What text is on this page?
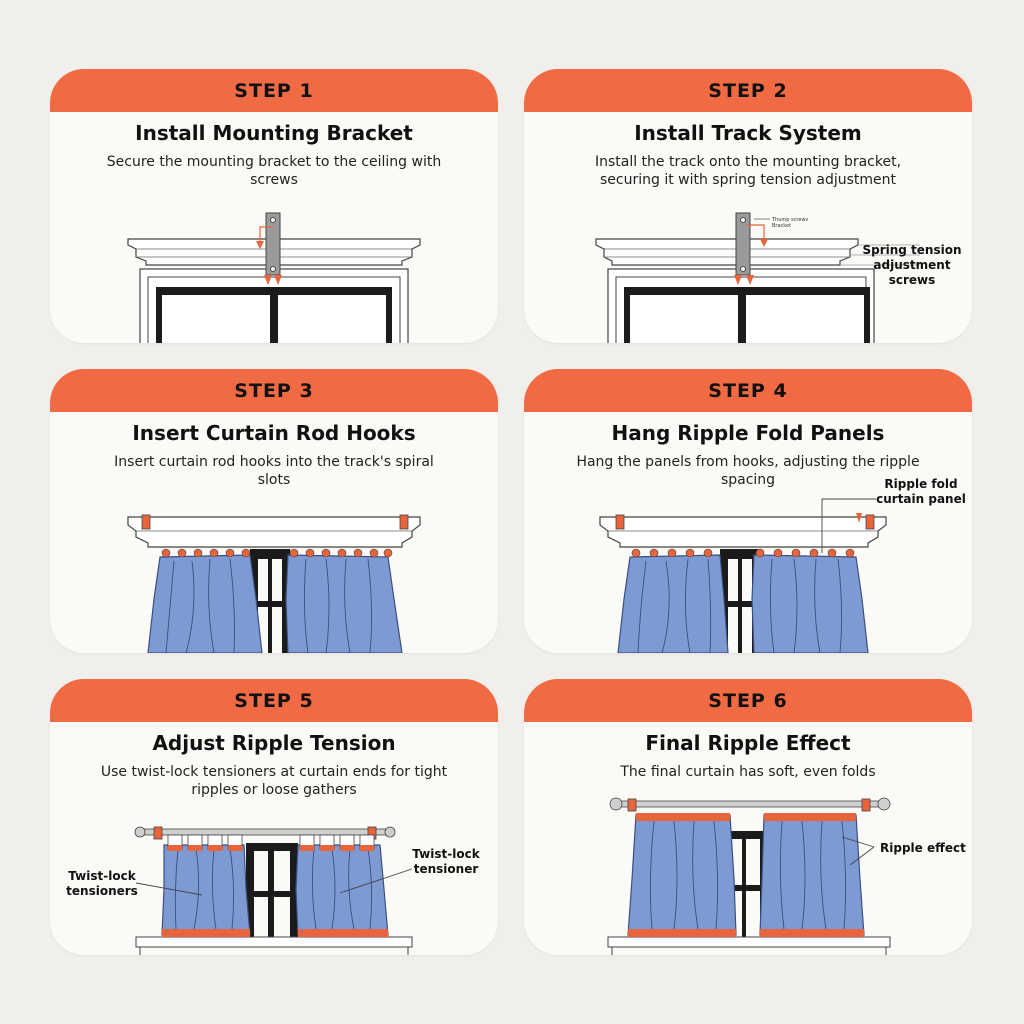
STEP 1
Install Mounting Bracket
Secure the mounting bracket to the ceiling with screws
STEP 2
Install Track System
Install the track onto the mounting bracket, securing it with spring tension adjustment
Thump screws Bracket
Spring tension adjustment screws
STEP 3
Insert Curtain Rod Hooks
Insert curtain rod hooks into the track's spiral slots
STEP 4
Hang Ripple Fold Panels
Hang the panels from hooks, adjusting the ripple spacing	Ripple fold curtain panel
STEP 5
Adjust Ripple Tension
Use twist-lock tensioners at curtain ends for tight ripples or loose gathers
Twist-lock tensioners
Twist-lock tensioner
STEP 6
Final Ripple Effect
The final curtain has soft, even folds
Ripple effect
